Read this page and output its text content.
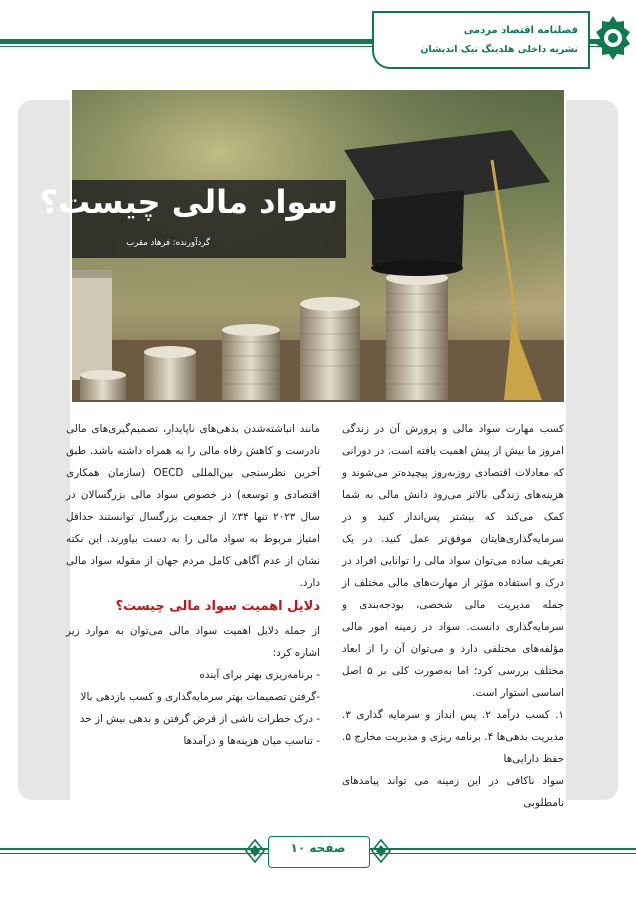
فصلنامه اقتصاد مردمی
نشریه داخلی هلدینگ نیک اندیشان
سواد مالی چیست؟
گردآورنده: فرهاد مقرب

کسب مهارت سواد مالی و پرورش آن در زندگی امروز ما بیش از پیش اهمیت یافته است. در دورانی که معادلات اقتصادی روزبه‌روز پیچیده‌تر می‌شوند و هزینه‌های زندگی بالاتر می‌رود دانش مالی به شما کمک می‌کند که بیشتر پس‌انداز کنید و در سرمایه‌گذاری‌هایتان موفق‌تر عمل کنید. در یک تعریف ساده می‌توان سواد مالی را توانایی افراد در درک و استفاده مؤثر از مهارت‌های مالی مختلف از جمله مدیریت مالی شخصی، بودجه‌بندی و سرمایه‌گذاری دانست. سواد در زمینه امور مالی مؤلفه‌های مختلفی دارد و می‌توان آن را از ابعاد مختلف بررسی کرد؛ اما به‌صورت کلی بر ۵ اصل اساسی استوار است.

۱. کسب درآمد ۲. پس انداز و سرمایه گذاری ۳. مدیریت بدهی‌ها ۴. برنامه ریزی و مدیریت مخارج ۵. حفظ دارایی‌ها

سواد ناکافی در این زمینه می تواند پیامدهای نامطلوبی

مانند انباشته‌شدن بدهی‌های ناپایدار، تصمیم‌گیری‌های مالی نادرست و کاهش رفاه مالی را به همراه داشته باشد. طبق آخرین نظرسنجی بین‌المللی OECD (سازمان همکاری اقتصادی و توسعه) در خصوص سواد مالی بزرگسالان در سال ۲۰۲۳ تنها ۳۴٪ از جمعیت بزرگسال توانستند حداقل امتیاز مربوط به سواد مالی را به دست بیاورند. این نکته نشان از عدم آگاهی کامل مردم جهان از مقوله سواد مالی دارد.

دلایل اهمیت سواد مالی چیست؟

از جمله دلایل اهمیت سواد مالی می‌توان به موارد زیر اشاره کرد:

- برنامه‌ریزی بهتر برای آینده
-گرفتن تصمیمات بهتر سرمایه‌گذاری و کسب بازدهی بالا
- درک خطرات ناشی از قرض گرفتن و بدهی بیش از حد
- تناسب میان هزینه‌ها و درآمدها
صفحه ۱۰
